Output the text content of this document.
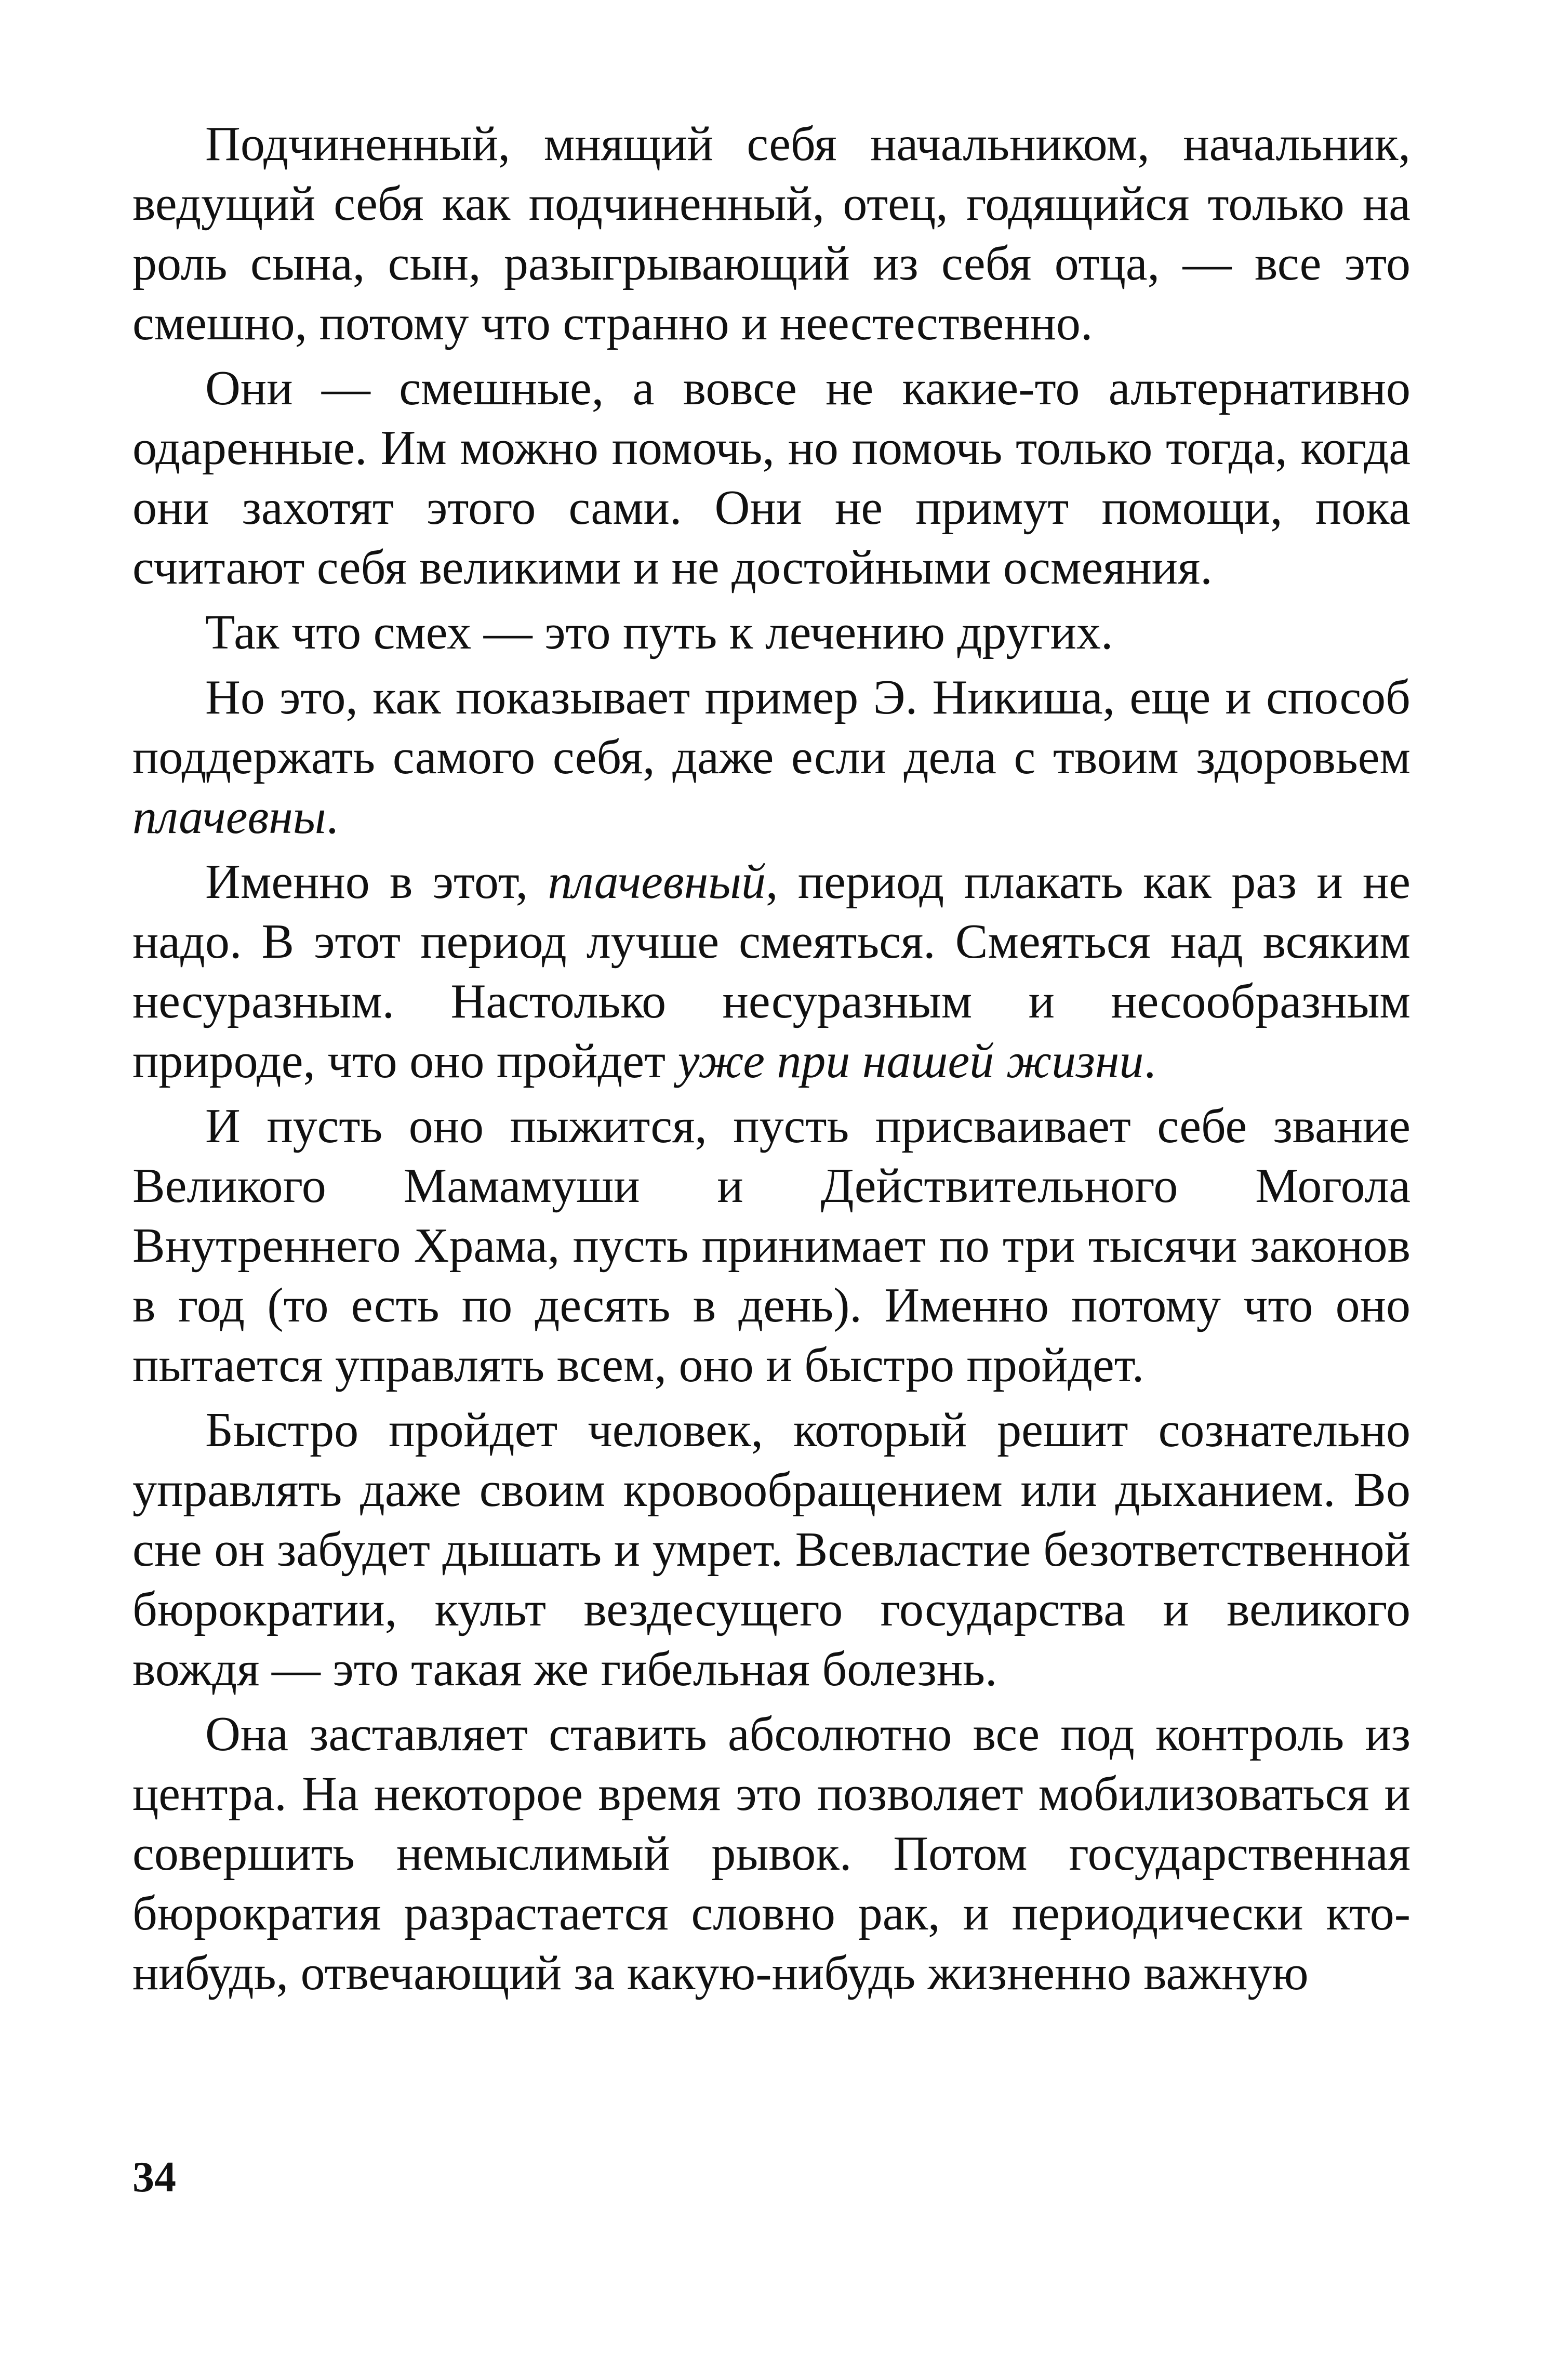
Подчиненный, мнящий себя начальником, начальник, ведущий себя как подчиненный, отец, годящийся только на роль сына, сын, разыгрывающий из себя отца, — все это смешно, потому что странно и неестественно.

Они — смешные, а вовсе не какие-то альтернативно одаренные. Им можно помочь, но помочь только тогда, когда они захотят этого сами. Они не примут помощи, пока считают себя великими и не достойными осмеяния.

Так что смех — это путь к лечению других.

Но это, как показывает пример Э. Никиша, еще и способ поддержать самого себя, даже если дела с твоим здоровьем плачевны.

Именно в этот, плачевный, период плакать как раз и не надо. В этот период лучше смеяться. Смеяться над всяким несуразным. Настолько несуразным и несообразным природе, что оно пройдет уже при нашей жизни.

И пусть оно пыжится, пусть присваивает себе звание Великого Мамамуши и Действительного Могола Внутреннего Храма, пусть принимает по три тысячи законов в год (то есть по десять в день). Именно потому что оно пытается управлять всем, оно и быстро пройдет.

Быстро пройдет человек, который решит сознательно управлять даже своим кровообращением или дыханием. Во сне он забудет дышать и умрет. Всевластие безответственной бюрократии, культ вездесущего государства и великого вождя — это такая же гибельная болезнь.

Она заставляет ставить абсолютно все под контроль из центра. На некоторое время это позволяет мобилизоваться и совершить немыслимый рывок. Потом государственная бюрократия разрастается словно рак, и периодически кто-нибудь, отвечающий за какую-нибудь жизненно важную

34
